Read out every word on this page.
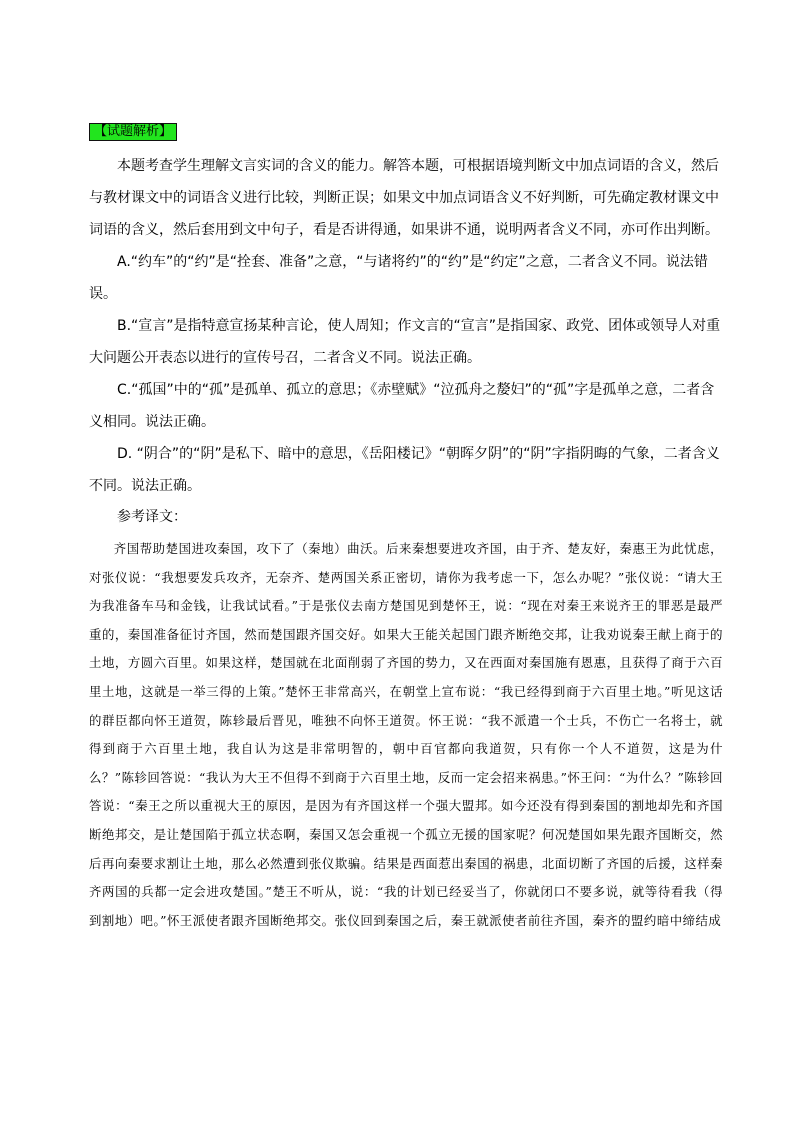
【试题解析】

本题考查学生理解文言实词的含义的能力。解答本题，可根据语境判断文中加点词语的含义，然后与教材课文中的词语含义进行比较，判断正误；如果文中加点词语含义不好判断，可先确定教材课文中词语的含义，然后套用到文中句子，看是否讲得通，如果讲不通，说明两者含义不同，亦可作出判断。

A.“约车”的“约”是“拴套、准备”之意，“与诸将约”的“约”是“约定”之意，二者含义不同。说法错误。

B.“宣言”是指特意宣扬某种言论，使人周知；作文言的“宣言”是指国家、政党、团体或领导人对重大问题公开表态以进行的宣传号召，二者含义不同。说法正确。

C.“孤国”中的“孤”是孤单、孤立的意思；《赤壁赋》“泣孤舟之嫠妇”的“孤”字是孤单之意，二者含义相同。说法正确。

D. “阴合”的“阴”是私下、暗中的意思，《岳阳楼记》“朝晖夕阴”的“阴”字指阴晦的气象，二者含义不同。说法正确。

参考译文：

齐国帮助楚国进攻秦国，攻下了（秦地）曲沃。后来秦想要进攻齐国，由于齐、楚友好，秦惠王为此忧虑，对张仪说：“我想要发兵攻齐，无奈齐、楚两国关系正密切，请你为我考虑一下，怎么办呢？”张仪说：“请大王为我准备车马和金钱，让我试试看。”于是张仪去南方楚国见到楚怀王，说：“现在对秦王来说齐王的罪恶是最严重的，秦国准备征讨齐国，然而楚国跟齐国交好。如果大王能关起国门跟齐断绝交邦，让我劝说秦王献上商于的土地，方圆六百里。如果这样，楚国就在北面削弱了齐国的势力，又在西面对秦国施有恩惠，且获得了商于六百里土地，这就是一举三得的上策。”楚怀王非常高兴，在朝堂上宣布说：“我已经得到商于六百里土地。”听见这话的群臣都向怀王道贺，陈轸最后晋见，唯独不向怀王道贺。怀王说：“我不派遣一个士兵，不伤亡一名将士，就得到商于六百里土地，我自认为这是非常明智的，朝中百官都向我道贺，只有你一个人不道贺，这是为什么？”陈轸回答说：“我认为大王不但得不到商于六百里土地，反而一定会招来祸患。”怀王问：“为什么？”陈轸回答说：“秦王之所以重视大王的原因，是因为有齐国这样一个强大盟邦。如今还没有得到秦国的割地却先和齐国断绝邦交，是让楚国陷于孤立状态啊，秦国又怎会重视一个孤立无援的国家呢？何况楚国如果先跟齐国断交，然后再向秦要求割让土地，那么必然遭到张仪欺骗。结果是西面惹出秦国的祸患，北面切断了齐国的后援，这样秦齐两国的兵都一定会进攻楚国。”楚王不听从，说：“我的计划已经妥当了，你就闭口不要多说，就等待看我（得到割地）吧。”怀王派使者跟齐国断绝邦交。张仪回到秦国之后，秦王就派使者前往齐国，秦齐的盟约暗中缔结成
